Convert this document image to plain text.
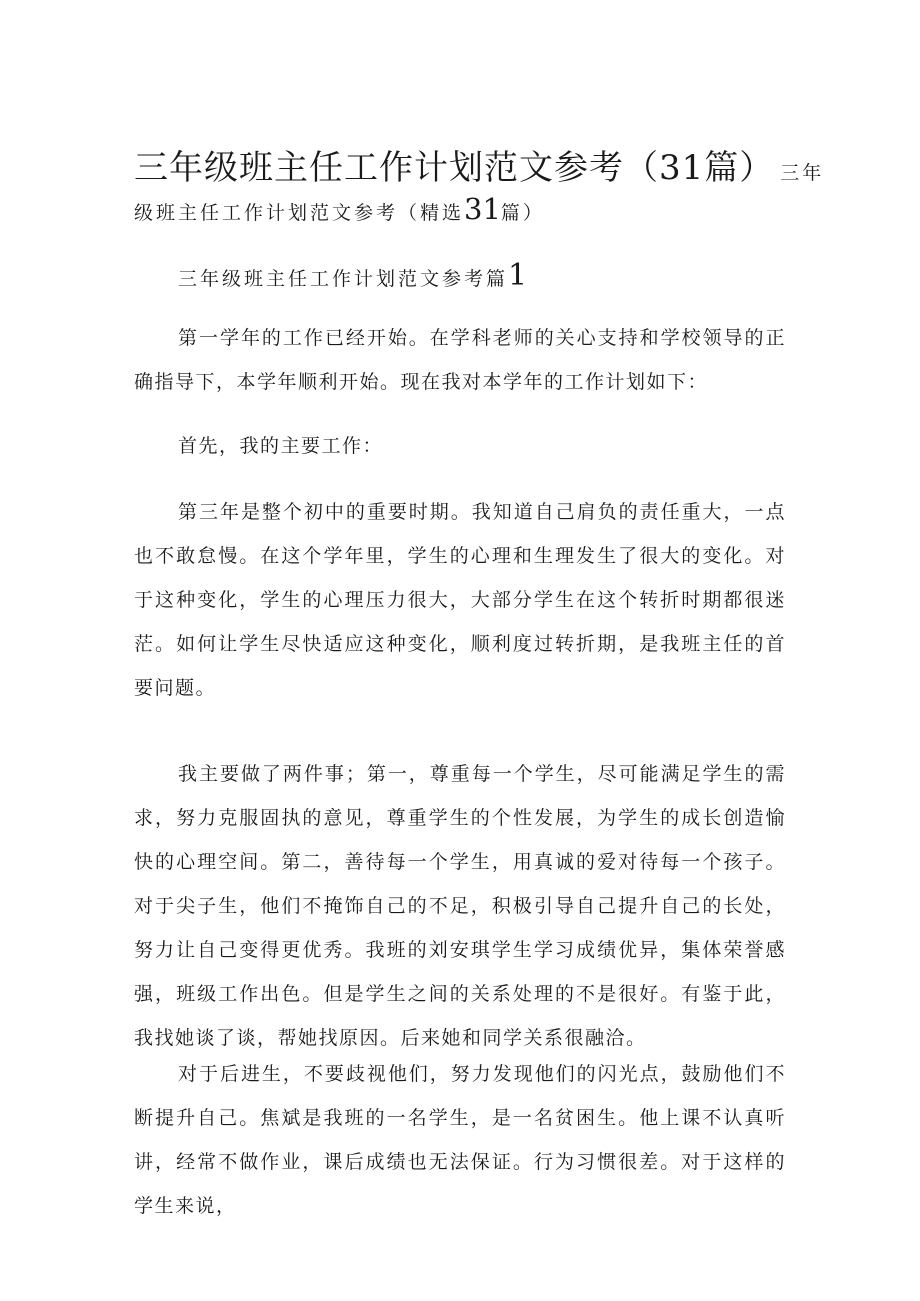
三年级班主任工作计划范文参考（31篇） 三年
级班主任工作计划范文参考（精选31篇）
三年级班主任工作计划范文参考篇1

第一学年的工作已经开始。在学科老师的关心支持和学校领导的正确指导下，本学年顺利开始。现在我对本学年的工作计划如下：

首先，我的主要工作：

第三年是整个初中的重要时期。我知道自己肩负的责任重大，一点也不敢怠慢。在这个学年里，学生的心理和生理发生了很大的变化。对于这种变化，学生的心理压力很大，大部分学生在这个转折时期都很迷茫。如何让学生尽快适应这种变化，顺利度过转折期，是我班主任的首要问题。

我主要做了两件事；第一，尊重每一个学生，尽可能满足学生的需求，努力克服固执的意见，尊重学生的个性发展，为学生的成长创造愉快的心理空间。第二，善待每一个学生，用真诚的爱对待每一个孩子。对于尖子生，他们不掩饰自己的不足，积极引导自己提升自己的长处，努力让自己变得更优秀。我班的刘安琪学生学习成绩优异，集体荣誉感强，班级工作出色。但是学生之间的关系处理的不是很好。有鉴于此，我找她谈了谈，帮她找原因。后来她和同学关系很融洽。

对于后进生，不要歧视他们，努力发现他们的闪光点，鼓励他们不断提升自己。焦斌是我班的一名学生，是一名贫困生。他上课不认真听讲，经常不做作业，课后成绩也无法保证。行为习惯很差。对于这样的学生来说，
